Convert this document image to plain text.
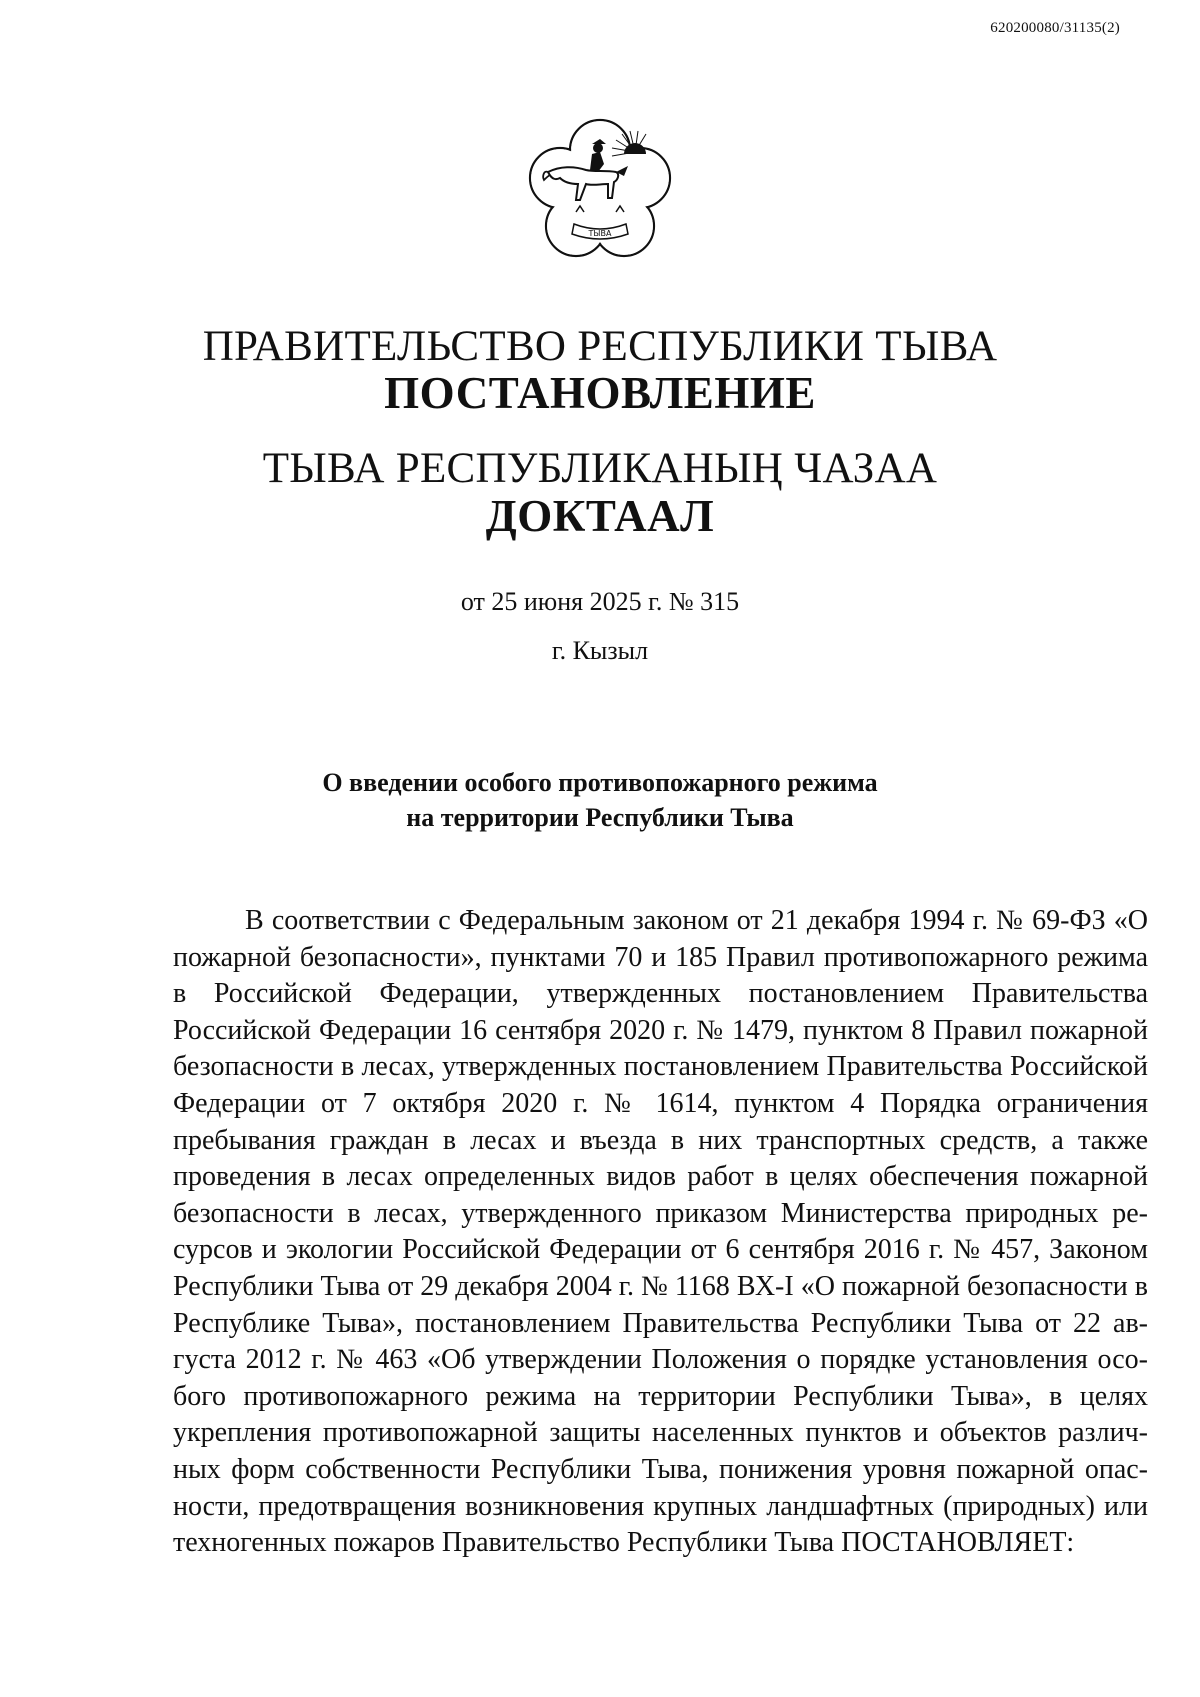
620200080/31135(2)
ТЫВА
ПРАВИТЕЛЬСТВО РЕСПУБЛИКИ ТЫВА
ПОСТАНОВЛЕНИЕ
ТЫВА РЕСПУБЛИКАНЫҢ ЧАЗАА
ДОКТААЛ
от 25 июня 2025 г. № 315
г. Кызыл
О введении особого противопожарного режима
на территории Республики Тыва
В соответствии с Федеральным законом от 21 декабря 1994 г. № 69-ФЗ «О пожарной безопасности», пунктами 70 и 185 Правил противопожарного режима в Российской Федерации, утвержденных постановлением Правительства Российской Федерации 16 сентября 2020 г. № 1479, пунктом 8 Правил пожарной безопасности в лесах, утвержденных постановлением Правительства Российской Федерации от 7 октября 2020 г. № 1614, пунктом 4 Порядка ограничения пребывания граждан в лесах и въезда в них транспортных средств, а также проведения в лесах определенных видов работ в целях обеспечения пожарной безопасности в лесах, утвержденного приказом Министерства природных ресурсов и экологии Российской Федерации от 6 сентября 2016 г. № 457, Законом Республики Тыва от 29 декабря 2004 г. № 1168 ВХ-I «О пожарной безопасности в Республике Тыва», постановлением Правительства Республики Тыва от 22 августа 2012 г. № 463 «Об утверждении Положения о порядке установления особого противопожарного режима на территории Республики Тыва», в целях укрепления противопожарной защиты населенных пунктов и объектов различных форм собственности Республики Тыва, понижения уровня пожарной опасности, предотвращения возникновения крупных ландшафтных (природных) или техногенных пожаров Правительство Республики Тыва ПОСТАНОВЛЯЕТ:
